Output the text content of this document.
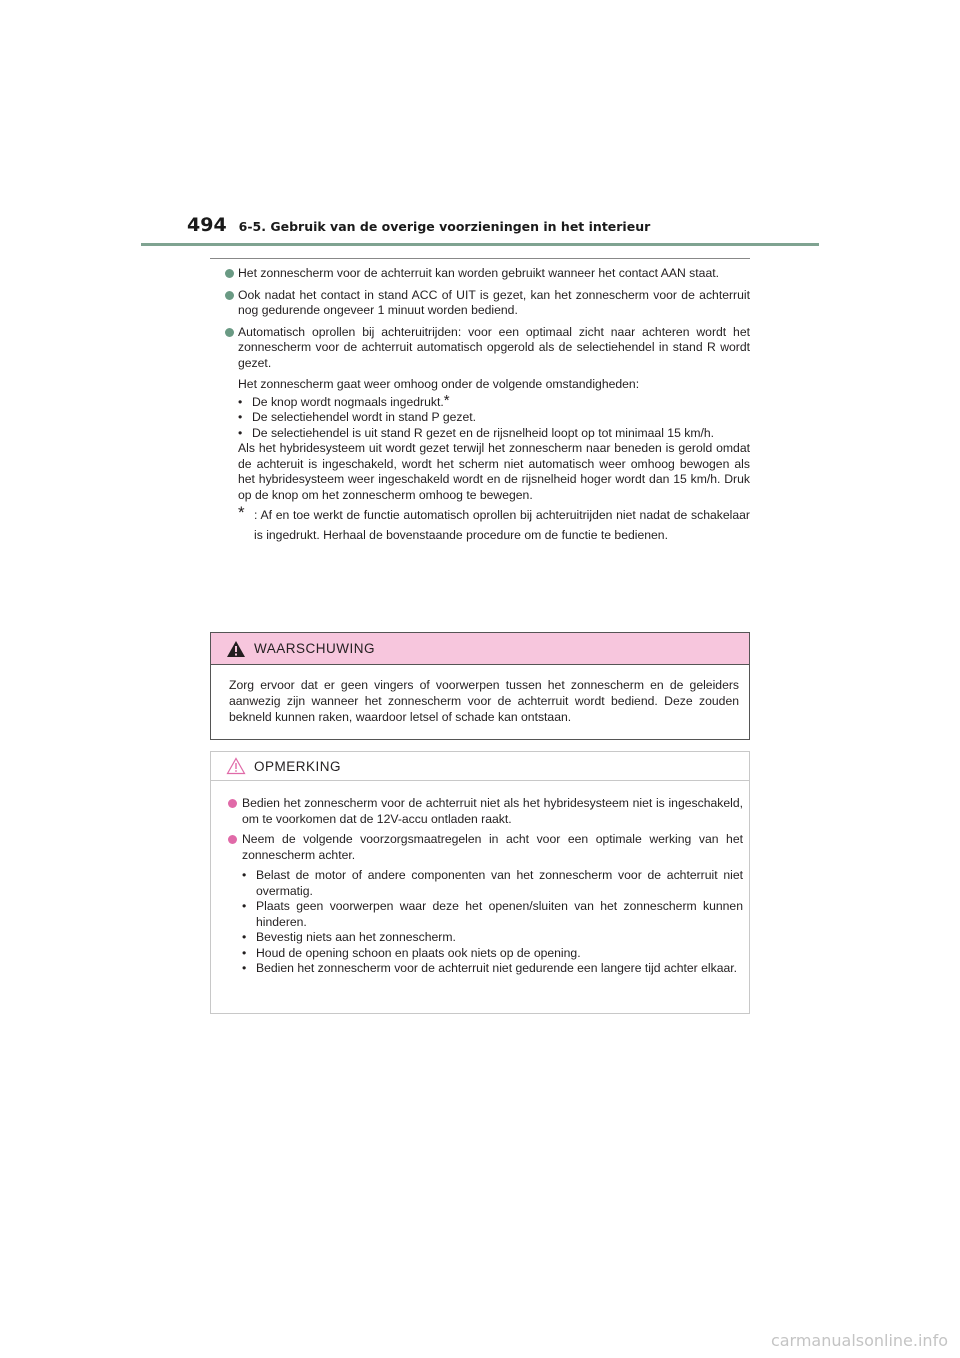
494 6-5. Gebruik van de overige voorzieningen in het interieur
Het zonnescherm voor de achterruit kan worden gebruikt wanneer het contact AAN staat.
Ook nadat het contact in stand ACC of UIT is gezet, kan het zonnescherm voor de achterruit nog gedurende ongeveer 1 minuut worden bediend.
Automatisch oprollen bij achteruitrijden: voor een optimaal zicht naar achteren wordt het zonnescherm voor de achterruit automatisch opgerold als de selectiehendel in stand R wordt gezet.
Het zonnescherm gaat weer omhoog onder de volgende omstandigheden:
• De knop wordt nogmaals ingedrukt.*
• De selectiehendel wordt in stand P gezet.
• De selectiehendel is uit stand R gezet en de rijsnelheid loopt op tot minimaal 15 km/h.
Als het hybridesysteem uit wordt gezet terwijl het zonnescherm naar beneden is gerold omdat de achteruit is ingeschakeld, wordt het scherm niet automatisch weer omhoog bewogen als het hybridesysteem weer ingeschakeld wordt en de rijsnelheid hoger wordt dan 15 km/h. Druk op de knop om het zonnescherm omhoog te bewegen.
* : Af en toe werkt de functie automatisch oprollen bij achteruitrijden niet nadat de schakelaar is ingedrukt. Herhaal de bovenstaande procedure om de functie te bedienen.
WAARSCHUWING
Zorg ervoor dat er geen vingers of voorwerpen tussen het zonnescherm en de geleiders aanwezig zijn wanneer het zonnescherm voor de achterruit wordt bediend. Deze zouden bekneld kunnen raken, waardoor letsel of schade kan ontstaan.
OPMERKING
Bedien het zonnescherm voor de achterruit niet als het hybridesysteem niet is ingeschakeld, om te voorkomen dat de 12V-accu ontladen raakt.
Neem de volgende voorzorgsmaatregelen in acht voor een optimale werking van het zonnescherm achter.
• Belast de motor of andere componenten van het zonnescherm voor de achterruit niet overmatig.
• Plaats geen voorwerpen waar deze het openen/sluiten van het zonnescherm kunnen hinderen.
• Bevestig niets aan het zonnescherm.
• Houd de opening schoon en plaats ook niets op de opening.
• Bedien het zonnescherm voor de achterruit niet gedurende een langere tijd achter elkaar.
carmanualsonline.info
